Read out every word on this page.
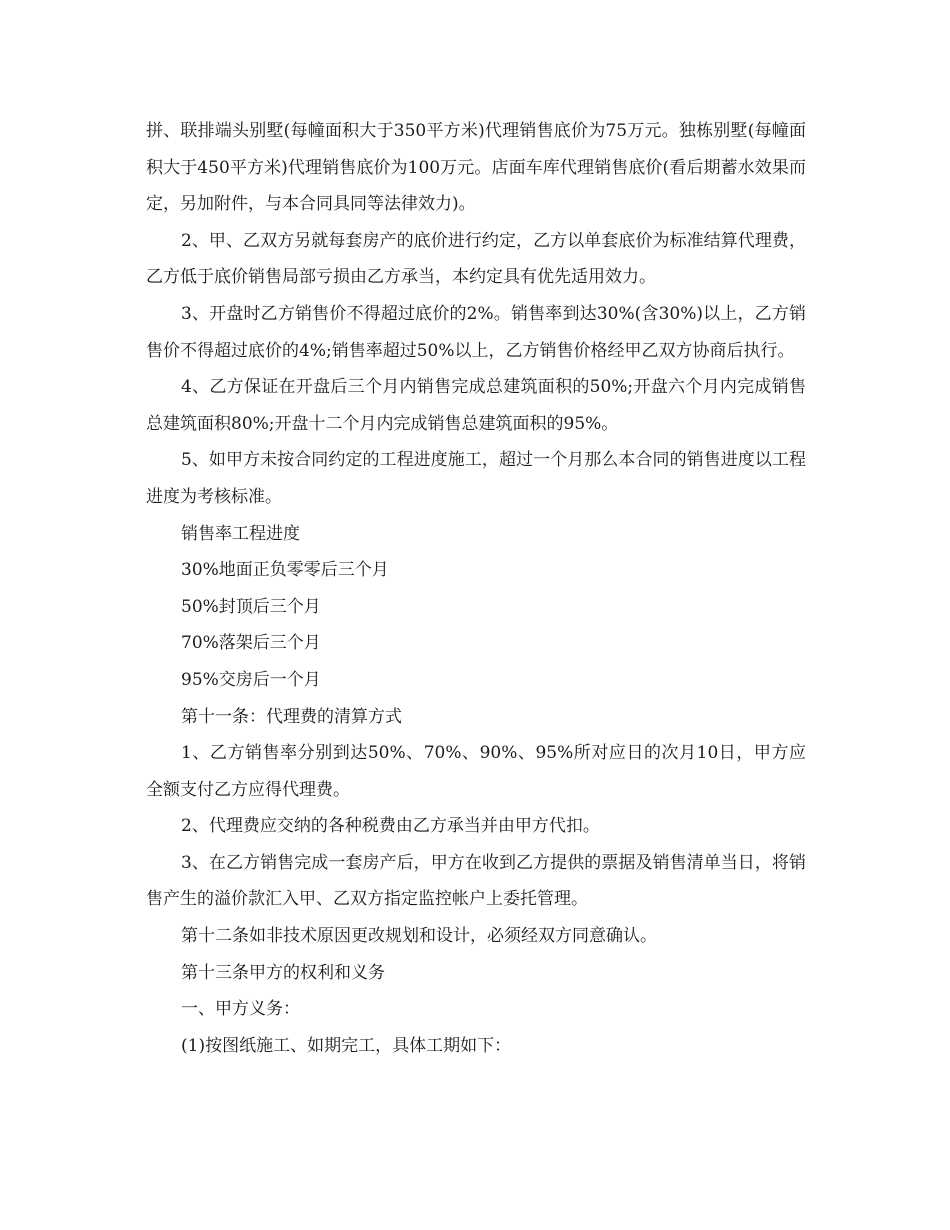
拼、联排端头别墅(每幢面积大于350平方米)代理销售底价为75万元。独栋别墅(每幢面积大于450平方米)代理销售底价为100万元。店面车库代理销售底价(看后期蓄水效果而定，另加附件，与本合同具同等法律效力)。

2、甲、乙双方另就每套房产的底价进行约定，乙方以单套底价为标准结算代理费，乙方低于底价销售局部亏损由乙方承当，本约定具有优先适用效力。

3、开盘时乙方销售价不得超过底价的2%。销售率到达30%(含30%)以上，乙方销售价不得超过底价的4%;销售率超过50%以上，乙方销售价格经甲乙双方协商后执行。

4、乙方保证在开盘后三个月内销售完成总建筑面积的50%;开盘六个月内完成销售总建筑面积80%;开盘十二个月内完成销售总建筑面积的95%。

5、如甲方未按合同约定的工程进度施工，超过一个月那么本合同的销售进度以工程进度为考核标准。

销售率工程进度

30%地面正负零零后三个月

50%封顶后三个月

70%落架后三个月

95%交房后一个月

第十一条：代理费的清算方式

1、乙方销售率分别到达50%、70%、90%、95%所对应日的次月10日，甲方应全额支付乙方应得代理费。

2、代理费应交纳的各种税费由乙方承当并由甲方代扣。

3、在乙方销售完成一套房产后，甲方在收到乙方提供的票据及销售清单当日，将销售产生的溢价款汇入甲、乙双方指定监控帐户上委托管理。

第十二条如非技术原因更改规划和设计，必须经双方同意确认。

第十三条甲方的权利和义务

一、甲方义务：

(1)按图纸施工、如期完工，具体工期如下：
